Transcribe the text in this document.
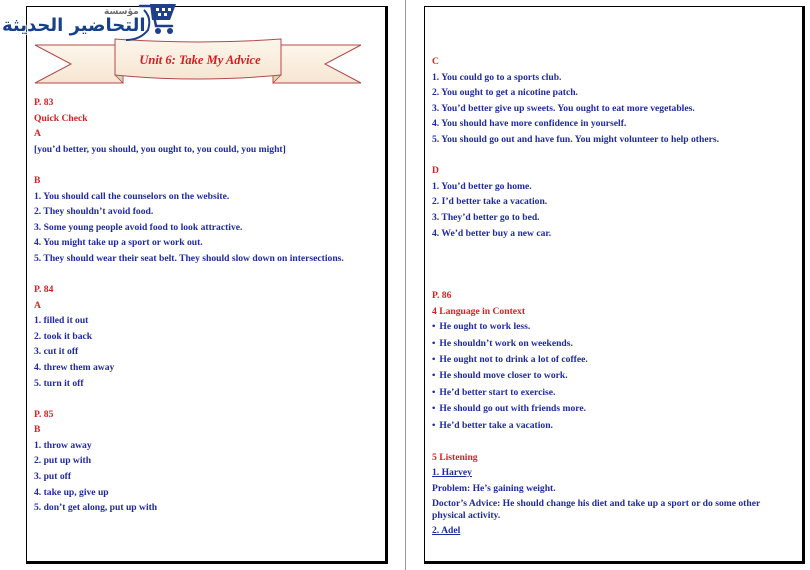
Unit 6: Take My Advice

P. 83

Quick Check

A

[you’d better, you should, you ought to, you could, you might]

B

1. You should call the counselors on the website.

2. They shouldn’t avoid food.

3. Some young people avoid food to look attractive.

4. You might take up a sport or work out.

5. They should wear their seat belt. They should slow down on intersections.

P. 84

A

1. filled it out

2. took it back

3. cut it off

4. threw them away

5. turn it off

P. 85

B

1. throw away

2. put up with

3. put off

4. take up, give up

5. don’t get along, put up with

مؤسسة
التحاضير الحديثة

C

1. You could go to a sports club.

2. You ought to get a nicotine patch.

3. You’d better give up sweets. You ought to eat more vegetables.

4. You should have more confidence in yourself.

5. You should go out and have fun. You might volunteer to help others.

D

1. You’d better go home.

2. I’d better take a vacation.

3. They’d better go to bed.

4. We’d better buy a new car.

P. 86

4 Language in Context

• He ought to work less.

• He shouldn’t work on weekends.

• He ought not to drink a lot of coffee.

• He should move closer to work.

• He’d better start to exercise.

• He should go out with friends more.

• He’d better take a vacation.

5 Listening

1. Harvey

Problem: He’s gaining weight.

Doctor’s Advice: He should change his diet and take up a sport or do some other physical activity.

2. Adel
